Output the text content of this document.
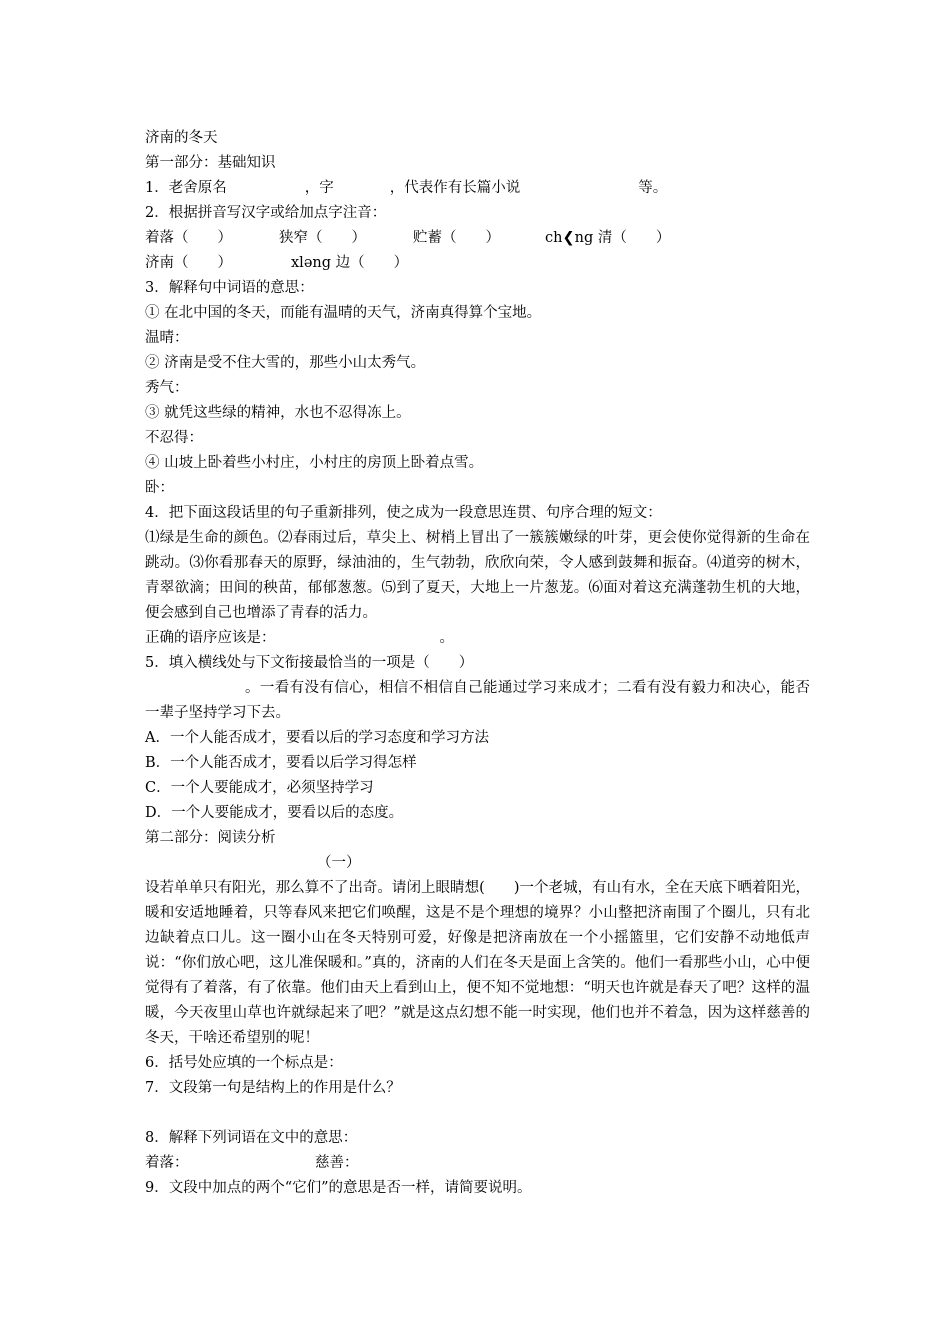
济南的冬天
第一部分：基础知识
1．老舍原名	，字	，代表作有长篇小说	等。
2．根据拼音写汉字或给加点字注音：
着落（　　）	狭窄（　　）	贮蓄（　　）	ch❮ng 清（　　）
济南（　　）	xlǝng 边（　　）
3．解释句中词语的意思：
① 在北中国的冬天，而能有温晴的天气，济南真得算个宝地。
温晴：
② 济南是受不住大雪的，那些小山太秀气。
秀气：
③ 就凭这些绿的精神，水也不忍得冻上。
不忍得：
④ 山坡上卧着些小村庄，小村庄的房顶上卧着点雪。
卧：
4．把下面这段话里的句子重新排列，使之成为一段意思连贯、句序合理的短文：

⑴绿是生命的颜色。⑵春雨过后，草尖上、树梢上冒出了一簇簇嫩绿的叶芽，更会使你觉得新的生命在跳动。⑶你看那春天的原野，绿油油的，生气勃勃，欣欣向荣，令人感到鼓舞和振奋。⑷道旁的树木，青翠欲滴；田间的秧苗，郁郁葱葱。⑸到了夏天，大地上一片葱茏。⑹面对着这充满蓬勃生机的大地，便会感到自己也增添了青春的活力。

正确的语序应该是：	。
5．填入横线处与下文衔接最恰当的一项是（　　）

。一看有没有信心，相信不相信自己能通过学习来成才；二看有没有毅力和决心，能否一辈子坚持学习下去。

A．一个人能否成才，要看以后的学习态度和学习方法
B．一个人能否成才，要看以后学习得怎样
C．一个人要能成才，必须坚持学习
D．一个人要能成才，要看以后的态度。
第二部分：阅读分析
（一）

设若单单只有阳光，那么算不了出奇。请闭上眼睛想(　　)一个老城，有山有水，全在天底下晒着阳光，暖和安适地睡着，只等春风来把它们唤醒，这是不是个理想的境界？小山整把济南围了个圈儿，只有北边缺着点口儿。这一圈小山在冬天特别可爱，好像是把济南放在一个小摇篮里，它们安静不动地低声说：“你们放心吧，这儿准保暖和。”真的，济南的人们在冬天是面上含笑的。他们一看那些小山，心中便觉得有了着落，有了依靠。他们由天上看到山上，便不知不觉地想：“明天也许就是春天了吧？这样的温暖，今天夜里山草也许就绿起来了吧？”就是这点幻想不能一时实现，他们也并不着急，因为这样慈善的冬天，干啥还希望别的呢！

6．括号处应填的一个标点是：
7．文段第一句是结构上的作用是什么？
8．解释下列词语在文中的意思：
着落：	慈善：
9．文段中加点的两个“它们”的意思是否一样，请简要说明。
